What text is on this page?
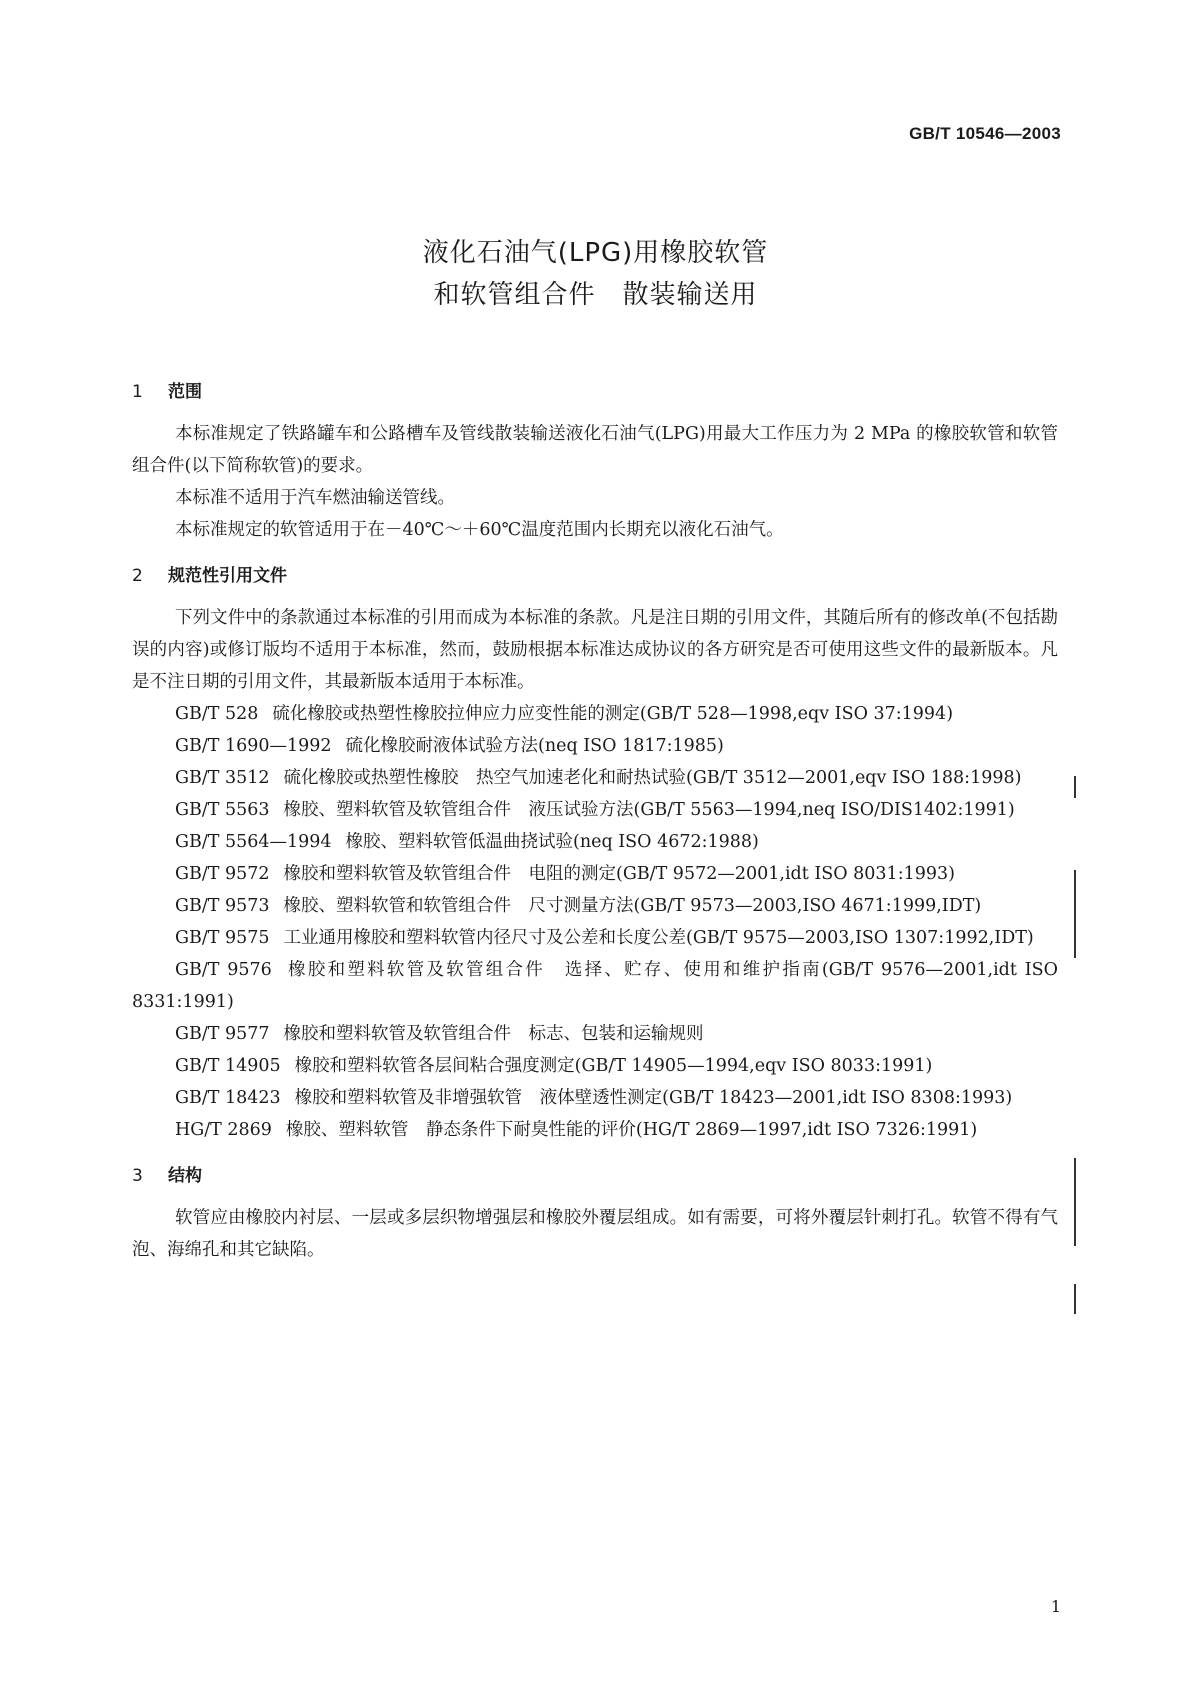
GB/T 10546—2003
液化石油气(LPG)用橡胶软管
和软管组合件　散装输送用
1 范围

本标准规定了铁路罐车和公路槽车及管线散装输送液化石油气(LPG)用最大工作压力为 2 MPa 的橡胶软管和软管组合件(以下简称软管)的要求。

本标准不适用于汽车燃油输送管线。

本标准规定的软管适用于在－40℃～＋60℃温度范围内长期充以液化石油气。

2 规范性引用文件

下列文件中的条款通过本标准的引用而成为本标准的条款。凡是注日期的引用文件，其随后所有的修改单(不包括勘误的内容)或修订版均不适用于本标准，然而，鼓励根据本标准达成协议的各方研究是否可使用这些文件的最新版本。凡是不注日期的引用文件，其最新版本适用于本标准。

GB/T 528 硫化橡胶或热塑性橡胶拉伸应力应变性能的测定(GB/T 528—1998,eqv ISO 37:1994)

GB/T 1690—1992 硫化橡胶耐液体试验方法(neq ISO 1817:1985)

GB/T 3512 硫化橡胶或热塑性橡胶　热空气加速老化和耐热试验(GB/T 3512—2001,eqv ISO 188:1998)

GB/T 5563 橡胶、塑料软管及软管组合件　液压试验方法(GB/T 5563—1994,neq ISO/DIS1402:1991)

GB/T 5564—1994 橡胶、塑料软管低温曲挠试验(neq ISO 4672:1988)

GB/T 9572 橡胶和塑料软管及软管组合件　电阻的测定(GB/T 9572—2001,idt ISO 8031:1993)

GB/T 9573 橡胶、塑料软管和软管组合件　尺寸测量方法(GB/T 9573—2003,ISO 4671:1999,IDT)

GB/T 9575 工业通用橡胶和塑料软管内径尺寸及公差和长度公差(GB/T 9575—2003,ISO 1307:1992,IDT)

GB/T 9576 橡胶和塑料软管及软管组合件　选择、贮存、使用和维护指南(GB/T 9576—2001,idt ISO 8331:1991)

GB/T 9577 橡胶和塑料软管及软管组合件　标志、包装和运输规则

GB/T 14905 橡胶和塑料软管各层间粘合强度测定(GB/T 14905—1994,eqv ISO 8033:1991)

GB/T 18423 橡胶和塑料软管及非增强软管　液体壁透性测定(GB/T 18423—2001,idt ISO 8308:1993)

HG/T 2869 橡胶、塑料软管　静态条件下耐臭性能的评价(HG/T 2869—1997,idt ISO 7326:1991)

3 结构

软管应由橡胶内衬层、一层或多层织物增强层和橡胶外覆层组成。如有需要，可将外覆层针刺打孔。软管不得有气泡、海绵孔和其它缺陷。

1
